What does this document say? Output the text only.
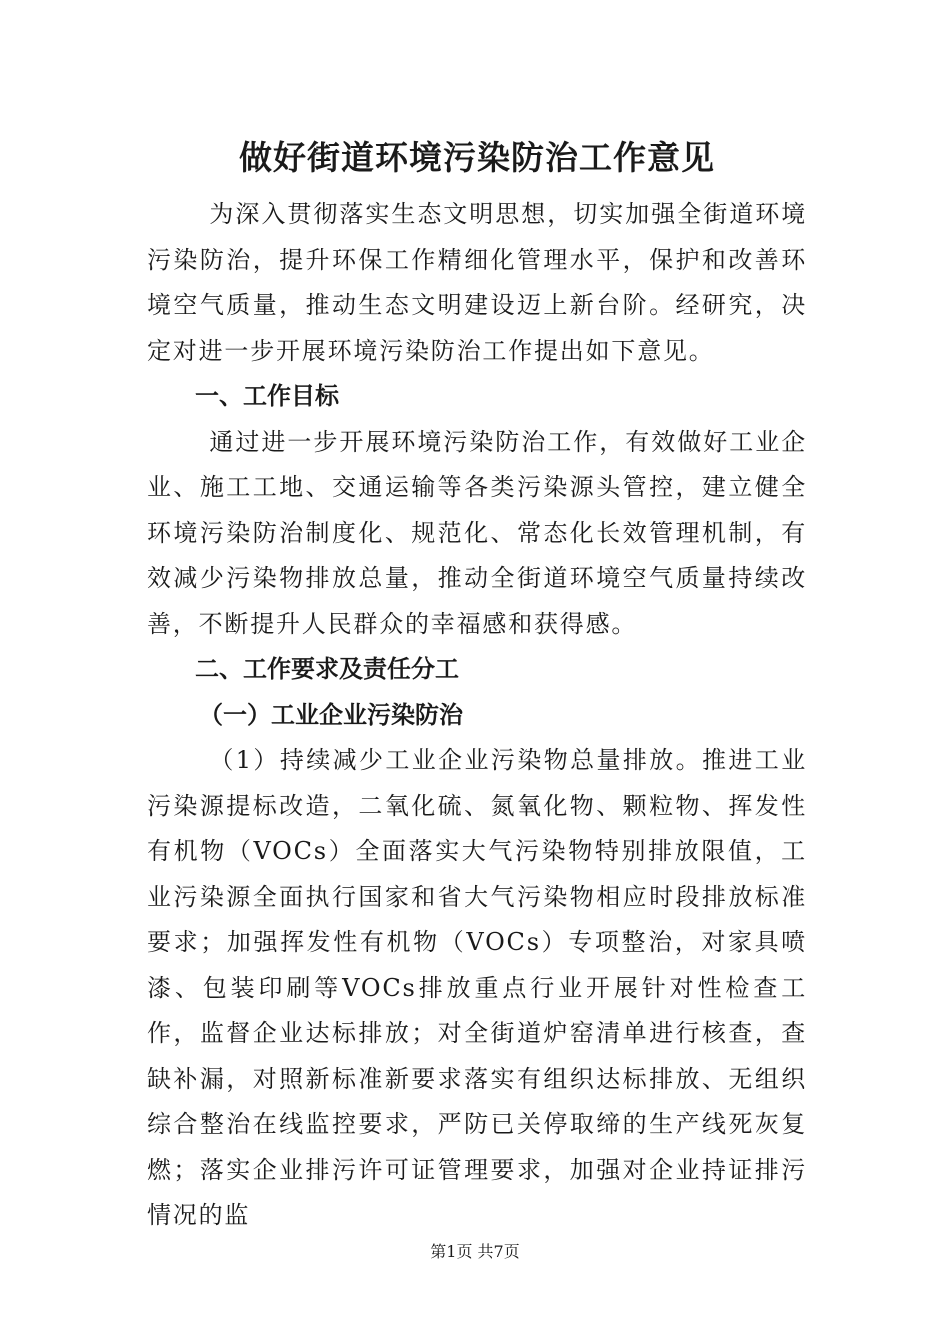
做好街道环境污染防治工作意见

为深入贯彻落实生态文明思想，切实加强全街道环境污染防治，提升环保工作精细化管理水平，保护和改善环境空气质量，推动生态文明建设迈上新台阶。经研究，决定对进一步开展环境污染防治工作提出如下意见。

一、工作目标

通过进一步开展环境污染防治工作，有效做好工业企业、施工工地、交通运输等各类污染源头管控，建立健全环境污染防治制度化、规范化、常态化长效管理机制，有效减少污染物排放总量，推动全街道环境空气质量持续改善，不断提升人民群众的幸福感和获得感。

二、工作要求及责任分工

（一）工业企业污染防治

（1）持续减少工业企业污染物总量排放。推进工业污染源提标改造，二氧化硫、氮氧化物、颗粒物、挥发性有机物（VOCs）全面落实大气污染物特别排放限值，工业污染源全面执行国家和省大气污染物相应时段排放标准要求；加强挥发性有机物（VOCs）专项整治，对家具喷漆、包装印刷等VOCs排放重点行业开展针对性检查工作，监督企业达标排放；对全街道炉窑清单进行核查，查缺补漏，对照新标准新要求落实有组织达标排放、无组织综合整治在线监控要求，严防已关停取缔的生产线死灰复燃；落实企业排污许可证管理要求，加强对企业持证排污情况的监

第1页 共7页
